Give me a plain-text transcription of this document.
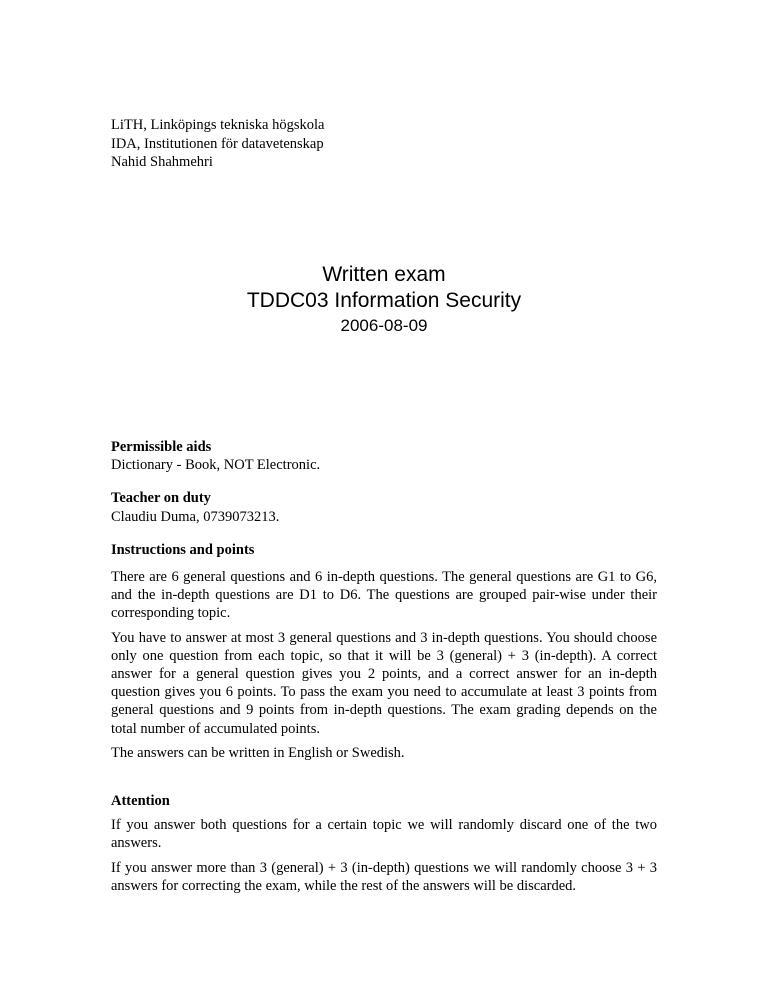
LiTH, Linköpings tekniska högskola
IDA, Institutionen för datavetenskap
Nahid Shahmehri
Written exam
TDDC03 Information Security
2006-08-09

Permissible aids

Dictionary - Book, NOT Electronic.

Teacher on duty

Claudiu Duma, 0739073213.

Instructions and points

There are 6 general questions and 6 in-depth questions. The general questions are G1 to G6, and the in-depth questions are D1 to D6. The questions are grouped pair-wise under their corresponding topic.

You have to answer at most 3 general questions and 3 in-depth questions. You should choose only one question from each topic, so that it will be 3 (general) + 3 (in-depth). A correct answer for a general question gives you 2 points, and a correct answer for an in-depth question gives you 6 points. To pass the exam you need to accumulate at least 3 points from general questions and 9 points from in-depth questions. The exam grading depends on the total number of accumulated points.

The answers can be written in English or Swedish.

Attention

If you answer both questions for a certain topic we will randomly discard one of the two answers.

If you answer more than 3 (general) + 3 (in-depth) questions we will randomly choose 3 + 3 answers for correcting the exam, while the rest of the answers will be discarded.
